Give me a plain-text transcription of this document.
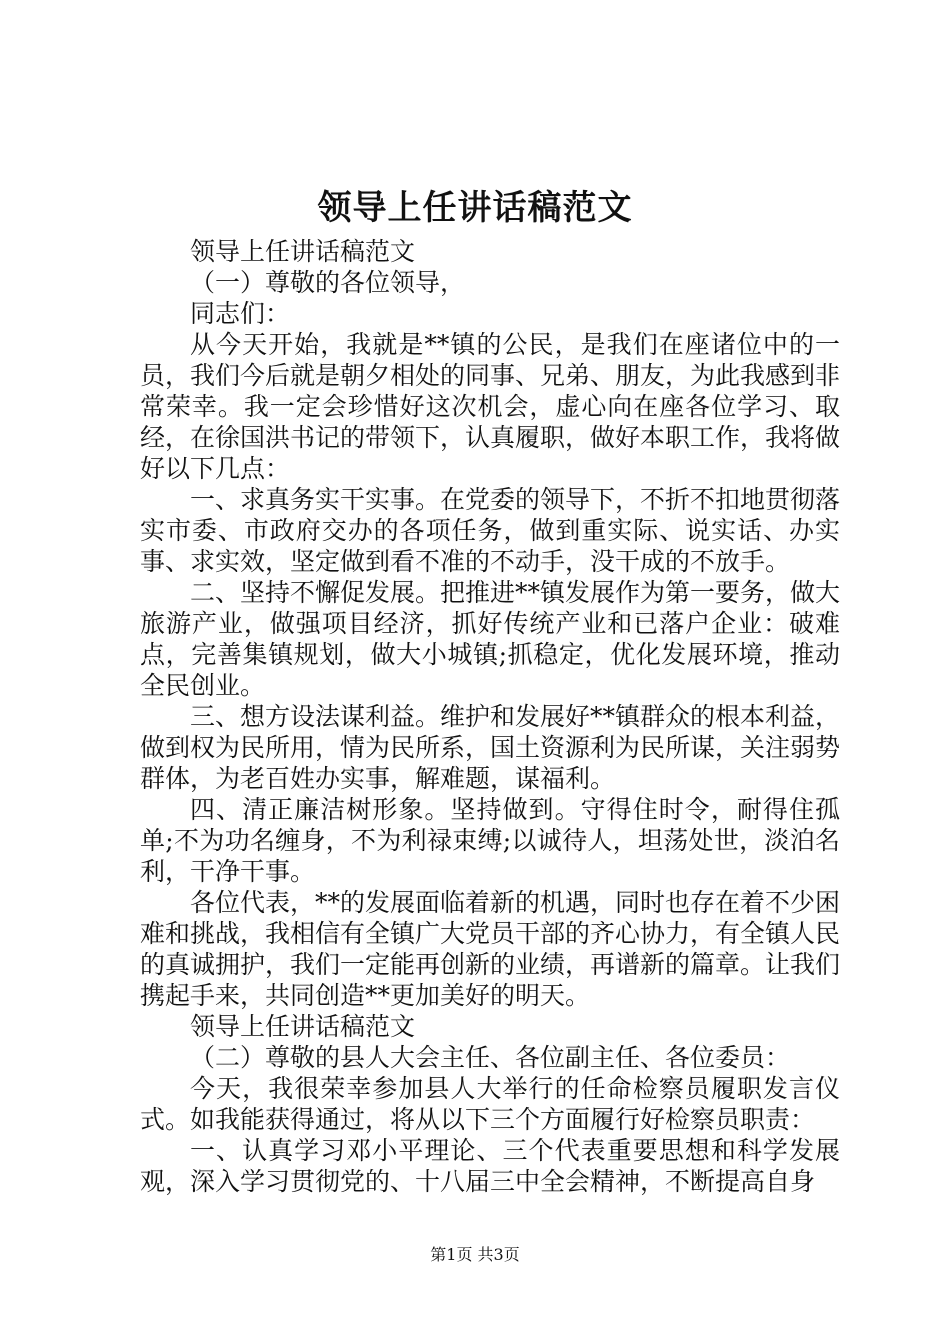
领导上任讲话稿范文

领导上任讲话稿范文

（一）尊敬的各位领导，

同志们：

从今天开始，我就是**镇的公民，是我们在座诸位中的一员，我们今后就是朝夕相处的同事、兄弟、朋友，为此我感到非常荣幸。我一定会珍惜好这次机会，虚心向在座各位学习、取经，在徐国洪书记的带领下，认真履职，做好本职工作，我将做好以下几点：

一、求真务实干实事。在党委的领导下，不折不扣地贯彻落实市委、市政府交办的各项任务，做到重实际、说实话、办实事、求实效，坚定做到看不准的不动手，没干成的不放手。

二、坚持不懈促发展。把推进**镇发展作为第一要务，做大旅游产业，做强项目经济，抓好传统产业和已落户企业：破难点，完善集镇规划，做大小城镇;抓稳定，优化发展环境，推动全民创业。

三、想方设法谋利益。维护和发展好**镇群众的根本利益，做到权为民所用，情为民所系，国土资源利为民所谋，关注弱势群体，为老百姓办实事，解难题，谋福利。

四、清正廉洁树形象。坚持做到。守得住时令，耐得住孤单;不为功名缠身，不为利禄束缚;以诚待人，坦荡处世，淡泊名利，干净干事。

各位代表，**的发展面临着新的机遇，同时也存在着不少困难和挑战，我相信有全镇广大党员干部的齐心协力，有全镇人民的真诚拥护，我们一定能再创新的业绩，再谱新的篇章。让我们携起手来，共同创造**更加美好的明天。

领导上任讲话稿范文

（二）尊敬的县人大会主任、各位副主任、各位委员：

今天，我很荣幸参加县人大举行的任命检察员履职发言仪式。如我能获得通过，将从以下三个方面履行好检察员职责：

一、认真学习邓小平理论、三个代表重要思想和科学发展观，深入学习贯彻党的、十八届三中全会精神，不断提高自身

第1页 共3页
